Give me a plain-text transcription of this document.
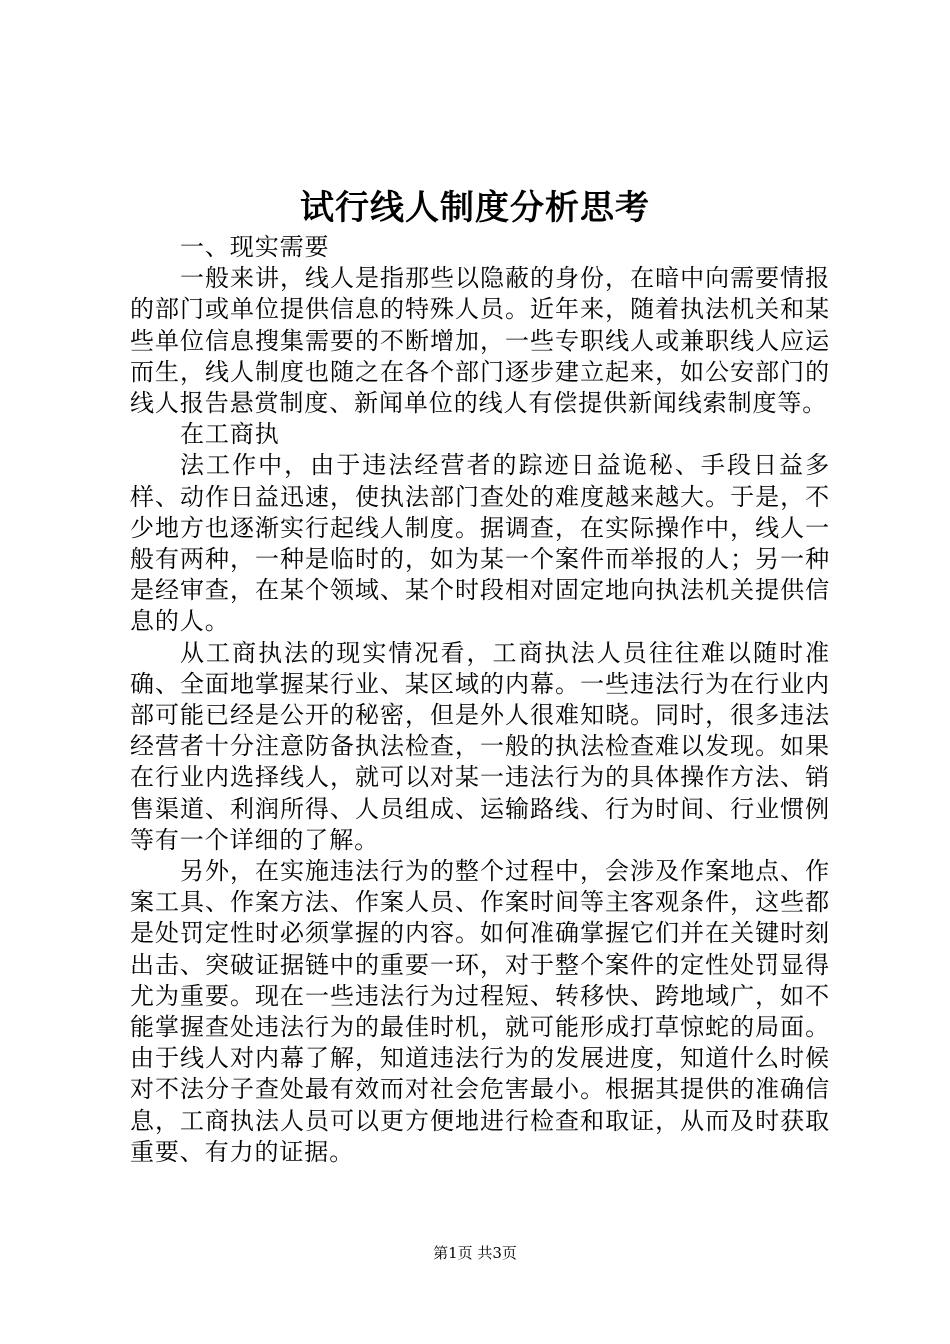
试行线人制度分析思考

一、现实需要

一般来讲，线人是指那些以隐蔽的身份，在暗中向需要情报的部门或单位提供信息的特殊人员。近年来，随着执法机关和某些单位信息搜集需要的不断增加，一些专职线人或兼职线人应运而生，线人制度也随之在各个部门逐步建立起来，如公安部门的线人报告悬赏制度、新闻单位的线人有偿提供新闻线索制度等。

在工商执

法工作中，由于违法经营者的踪迹日益诡秘、手段日益多样、动作日益迅速，使执法部门查处的难度越来越大。于是，不少地方也逐渐实行起线人制度。据调查，在实际操作中，线人一般有两种，一种是临时的，如为某一个案件而举报的人；另一种是经审查，在某个领域、某个时段相对固定地向执法机关提供信息的人。

从工商执法的现实情况看，工商执法人员往往难以随时准确、全面地掌握某行业、某区域的内幕。一些违法行为在行业内部可能已经是公开的秘密，但是外人很难知晓。同时，很多违法经营者十分注意防备执法检查，一般的执法检查难以发现。如果在行业内选择线人，就可以对某一违法行为的具体操作方法、销售渠道、利润所得、人员组成、运输路线、行为时间、行业惯例等有一个详细的了解。

另外，在实施违法行为的整个过程中，会涉及作案地点、作案工具、作案方法、作案人员、作案时间等主客观条件，这些都是处罚定性时必须掌握的内容。如何准确掌握它们并在关键时刻出击、突破证据链中的重要一环，对于整个案件的定性处罚显得尤为重要。现在一些违法行为过程短、转移快、跨地域广，如不能掌握查处违法行为的最佳时机，就可能形成打草惊蛇的局面。由于线人对内幕了解，知道违法行为的发展进度，知道什么时候对不法分子查处最有效而对社会危害最小。根据其提供的准确信息，工商执法人员可以更方便地进行检查和取证，从而及时获取重要、有力的证据。

第1页 共3页
